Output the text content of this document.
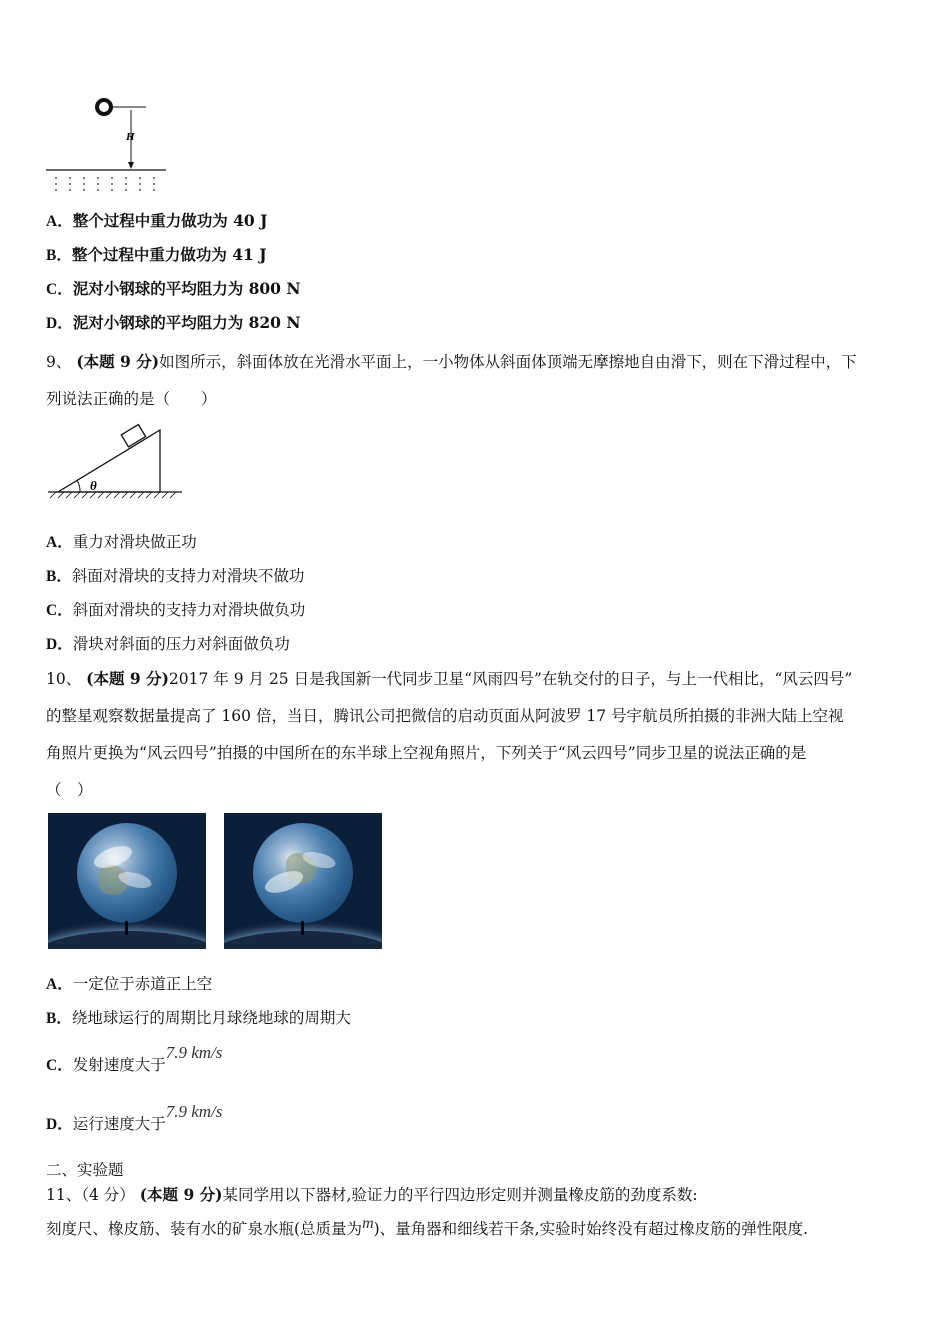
H
A．整个过程中重力做功为 40 J
B．整个过程中重力做功为 41 J
C．泥对小钢球的平均阻力为 800 N
D．泥对小钢球的平均阻力为 820 N
9、 (本题 9 分)如图所示，斜面体放在光滑水平面上，一小物体从斜面体顶端无摩擦地自由滑下，则在下滑过程中，下
列说法正确的是（　　）
θ
A．重力对滑块做正功
B．斜面对滑块的支持力对滑块不做功
C．斜面对滑块的支持力对滑块做负功
D．滑块对斜面的压力对斜面做负功
10、 (本题 9 分)2017 年 9 月 25 日是我国新一代同步卫星“风雨四号”在轨交付的日子，与上一代相比，“风云四号”
的整星观察数据量提高了 160 倍，当日，腾讯公司把微信的启动页面从阿波罗 17 号宇航员所拍摄的非洲大陆上空视
角照片更换为“风云四号”拍摄的中国所在的东半球上空视角照片，下列关于“风云四号”同步卫星的说法正确的是
（　）
A．一定位于赤道正上空
B．绕地球运行的周期比月球绕地球的周期大
C．发射速度大于7.9 km/s
D．运行速度大于7.9 km/s
二、实验题
11、（4 分） (本题 9 分)某同学用以下器材,验证力的平行四边形定则并测量橡皮筋的劲度系数:
刻度尺、橡皮筋、装有水的矿泉水瓶(总质量为m)、量角器和细线若干条,实验时始终没有超过橡皮筋的弹性限度.
